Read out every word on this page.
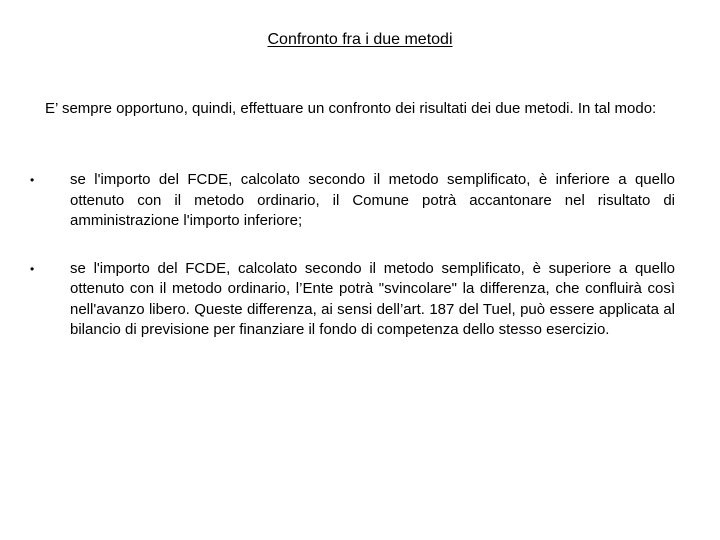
Confronto fra i due metodi
E’ sempre opportuno, quindi, effettuare un confronto dei risultati dei due metodi. In tal modo:
•	se l'importo del FCDE, calcolato secondo il metodo semplificato, è inferiore a quello ottenuto con il metodo ordinario, il Comune potrà accantonare nel risultato di amministrazione l'importo inferiore;
•	se l'importo del FCDE, calcolato secondo il metodo semplificato, è superiore a quello ottenuto con il metodo ordinario, l’Ente potrà "svincolare" la differenza, che confluirà così nell'avanzo libero. Queste differenza, ai sensi dell’art. 187 del Tuel, può essere applicata al bilancio di previsione per finanziare il fondo di competenza dello stesso esercizio.
